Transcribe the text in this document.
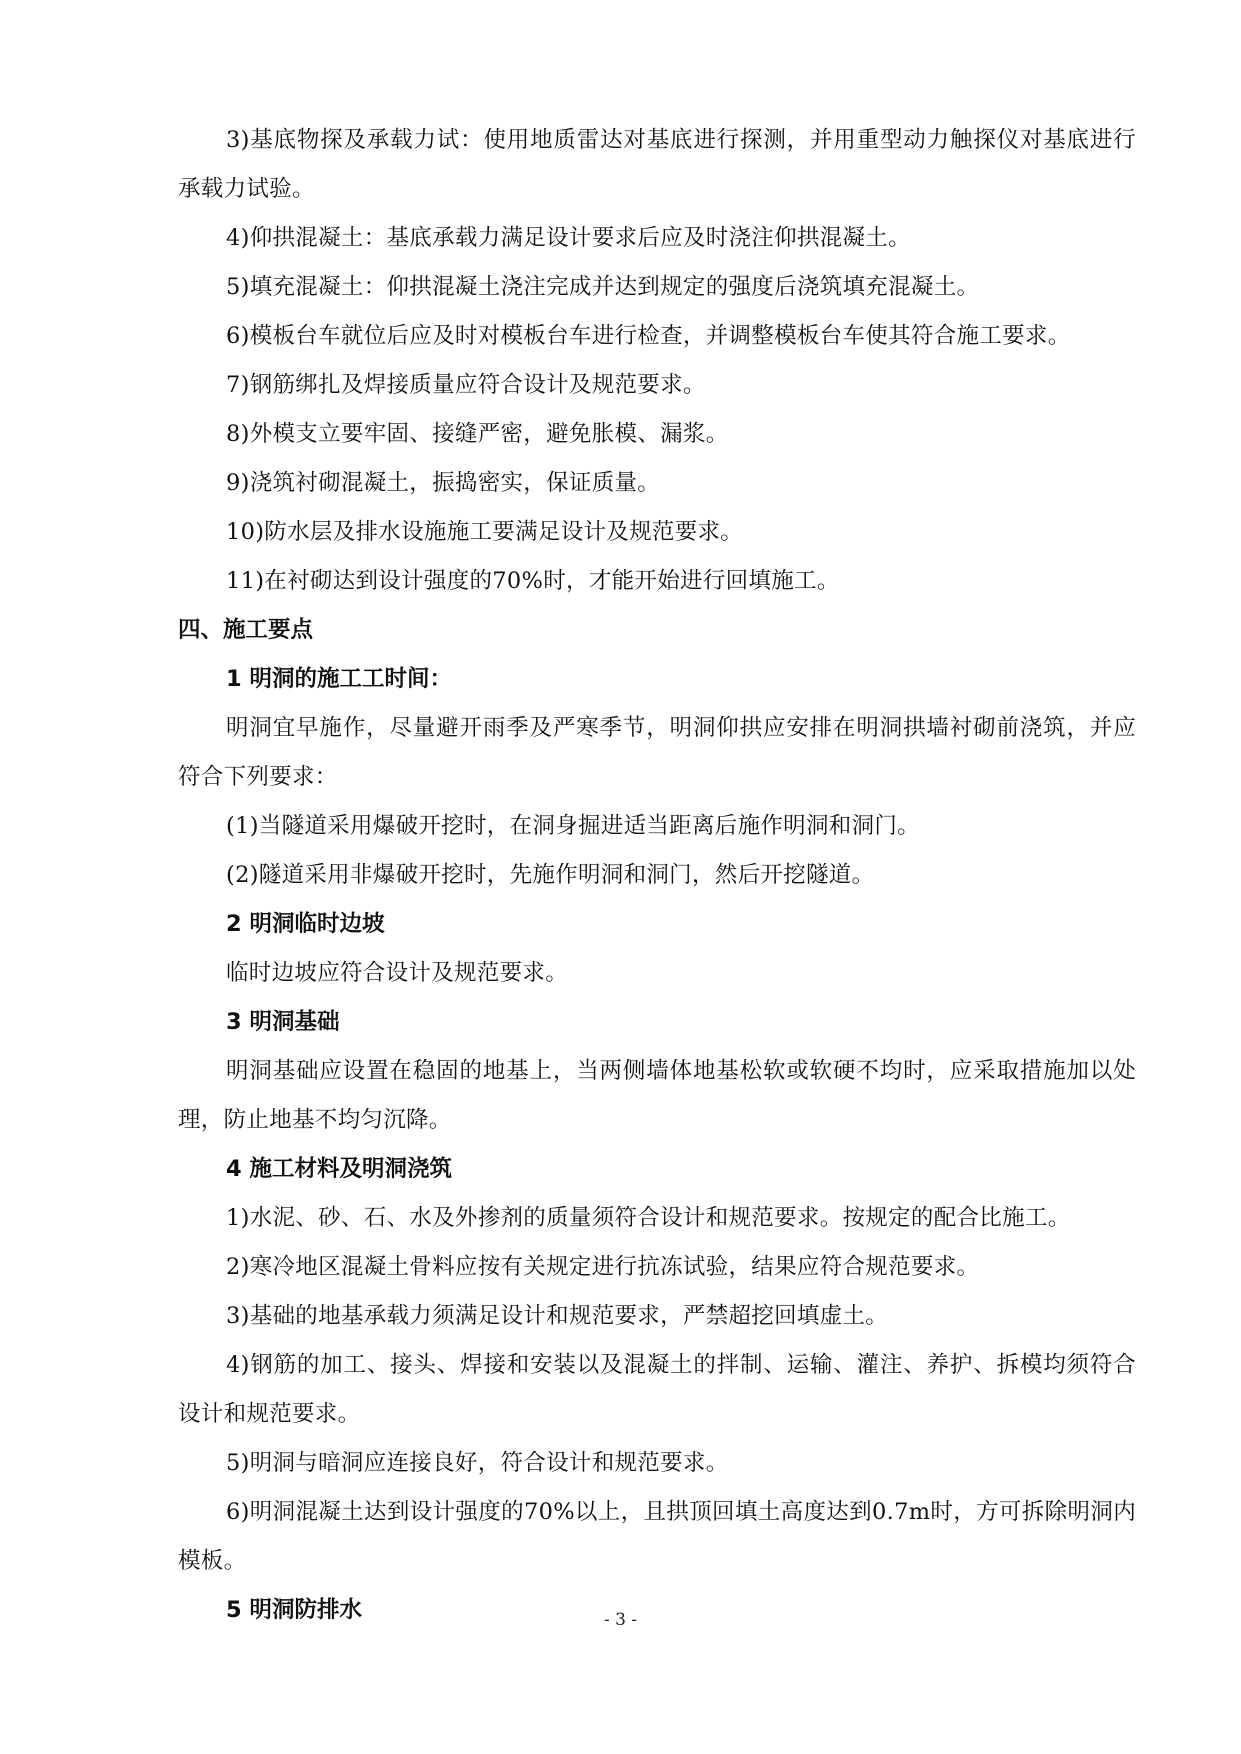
3)基底物探及承载力试：使用地质雷达对基底进行探测，并用重型动力触探仪对基底进行承载力试验。

4)仰拱混凝土：基底承载力满足设计要求后应及时浇注仰拱混凝土。

5)填充混凝土：仰拱混凝土浇注完成并达到规定的强度后浇筑填充混凝土。

6)模板台车就位后应及时对模板台车进行检查，并调整模板台车使其符合施工要求。

7)钢筋绑扎及焊接质量应符合设计及规范要求。

8)外模支立要牢固、接缝严密，避免胀模、漏浆。

9)浇筑衬砌混凝土，振捣密实，保证质量。

10)防水层及排水设施施工要满足设计及规范要求。

11)在衬砌达到设计强度的70%时，才能开始进行回填施工。

四、施工要点

1 明洞的施工工时间：

明洞宜早施作，尽量避开雨季及严寒季节，明洞仰拱应安排在明洞拱墙衬砌前浇筑，并应符合下列要求：

(1)当隧道采用爆破开挖时，在洞身掘进适当距离后施作明洞和洞门。

(2)隧道采用非爆破开挖时，先施作明洞和洞门，然后开挖隧道。

2 明洞临时边坡

临时边坡应符合设计及规范要求。

3 明洞基础

明洞基础应设置在稳固的地基上，当两侧墙体地基松软或软硬不均时，应采取措施加以处理，防止地基不均匀沉降。

4 施工材料及明洞浇筑

1)水泥、砂、石、水及外掺剂的质量须符合设计和规范要求。按规定的配合比施工。

2)寒冷地区混凝土骨料应按有关规定进行抗冻试验，结果应符合规范要求。

3)基础的地基承载力须满足设计和规范要求，严禁超挖回填虚土。

4)钢筋的加工、接头、焊接和安装以及混凝土的拌制、运输、灌注、养护、拆模均须符合设计和规范要求。

5)明洞与暗洞应连接良好，符合设计和规范要求。

6)明洞混凝土达到设计强度的70%以上，且拱顶回填土高度达到0.7m时，方可拆除明洞内模板。

5 明洞防排水	- 3 -
